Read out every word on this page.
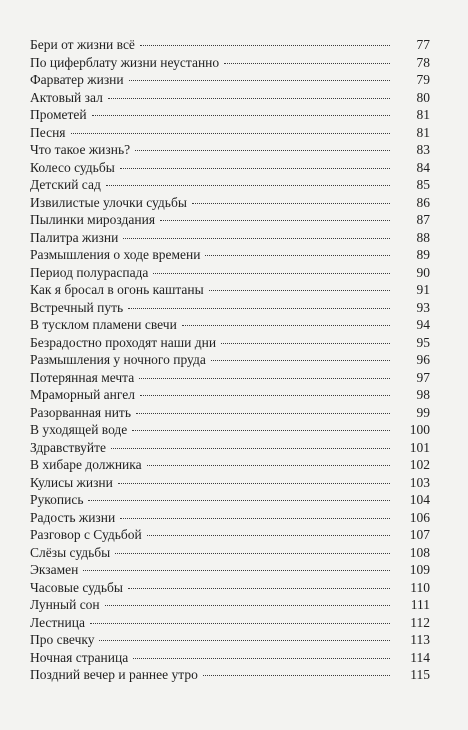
Бери от жизни всё	77
По циферблату жизни неустанно	78
Фарватер жизни	79
Актовый зал	80
Прометей	81
Песня	81
Что такое жизнь?	83
Колесо судьбы	84
Детский сад	85
Извилистые улочки судьбы	86
Пылинки мироздания	87
Палитра жизни	88
Размышления о ходе времени	89
Период полураспада	90
Как я бросал в огонь каштаны	91
Встречный путь	93
В тусклом пламени свечи	94
Безрадостно проходят наши дни	95
Размышления у ночного пруда	96
Потерянная мечта	97
Мраморный ангел	98
Разорванная нить	99
В уходящей воде	100
Здравствуйте	101
В хибаре должника	102
Кулисы жизни	103
Рукопись	104
Радость жизни	106
Разговор с Судьбой	107
Слёзы судьбы	108
Экзамен	109
Часовые судьбы	110
Лунный сон	111
Лестница	112
Про свечку	113
Ночная страница	114
Поздний вечер и раннее утро	115
